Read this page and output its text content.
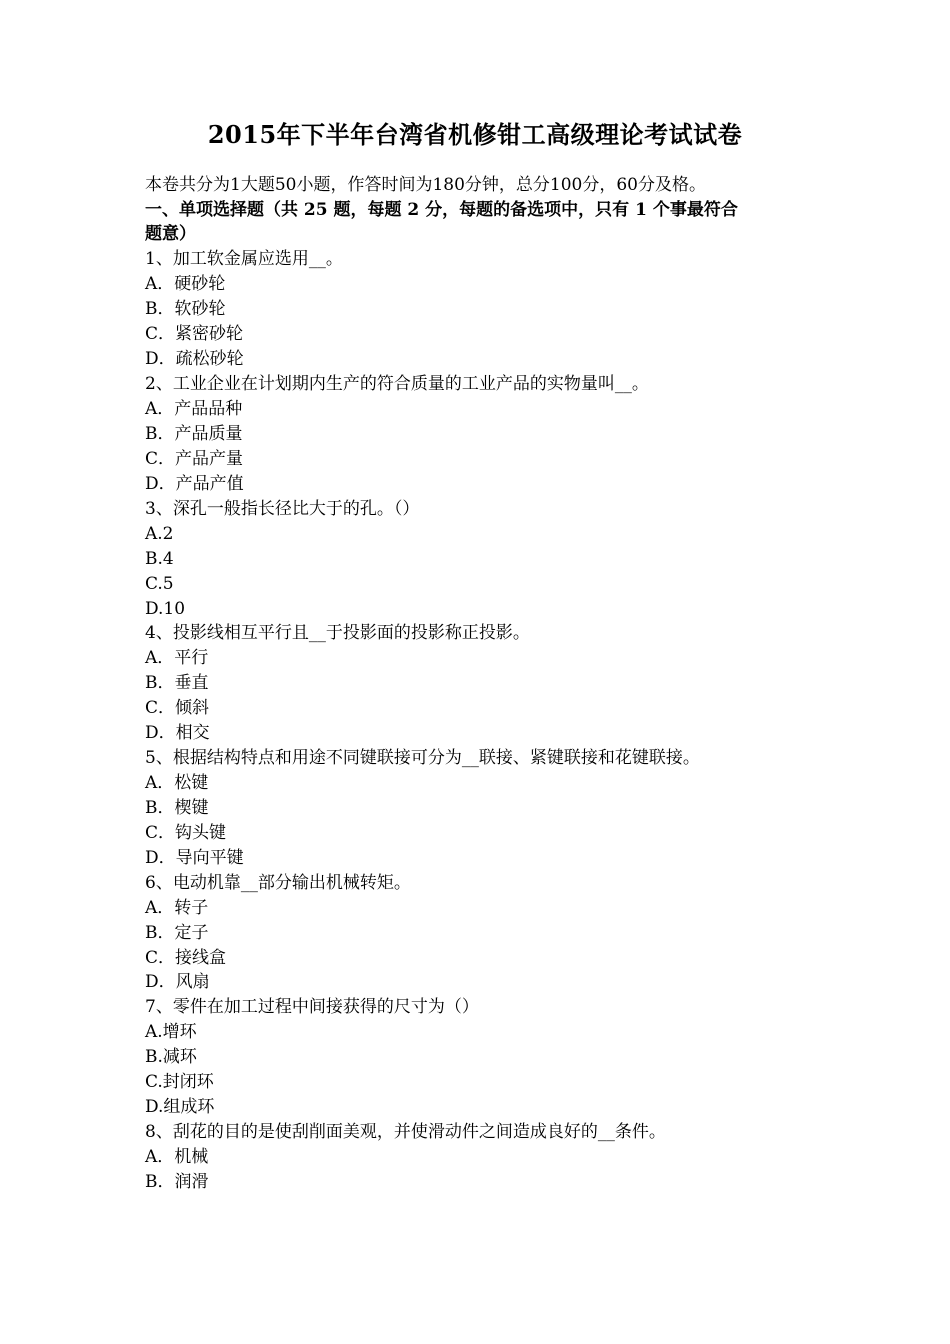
2015年下半年台湾省机修钳工高级理论考试试卷
本卷共分为1大题50小题，作答时间为180分钟，总分100分，60分及格。
一、单项选择题（共 25 题，每题 2 分，每题的备选项中，只有 1 个事最符合
题意）
1、加工软金属应选用__。
A．硬砂轮
B．软砂轮
C．紧密砂轮
D．疏松砂轮
2、工业企业在计划期内生产的符合质量的工业产品的实物量叫__。
A．产品品种
B．产品质量
C．产品产量
D．产品产值
3、深孔一般指长径比大于的孔。（）
A.2
B.4
C.5
D.10
4、投影线相互平行且__于投影面的投影称正投影。
A．平行
B．垂直
C．倾斜
D．相交
5、根据结构特点和用途不同键联接可分为__联接、紧键联接和花键联接。
A．松键
B．楔键
C．钩头键
D．导向平键
6、电动机靠__部分输出机械转矩。
A．转子
B．定子
C．接线盒
D．风扇
7、零件在加工过程中间接获得的尺寸为（）
A.增环
B.减环
C.封闭环
D.组成环
8、刮花的目的是使刮削面美观，并使滑动件之间造成良好的__条件。
A．机械
B．润滑
